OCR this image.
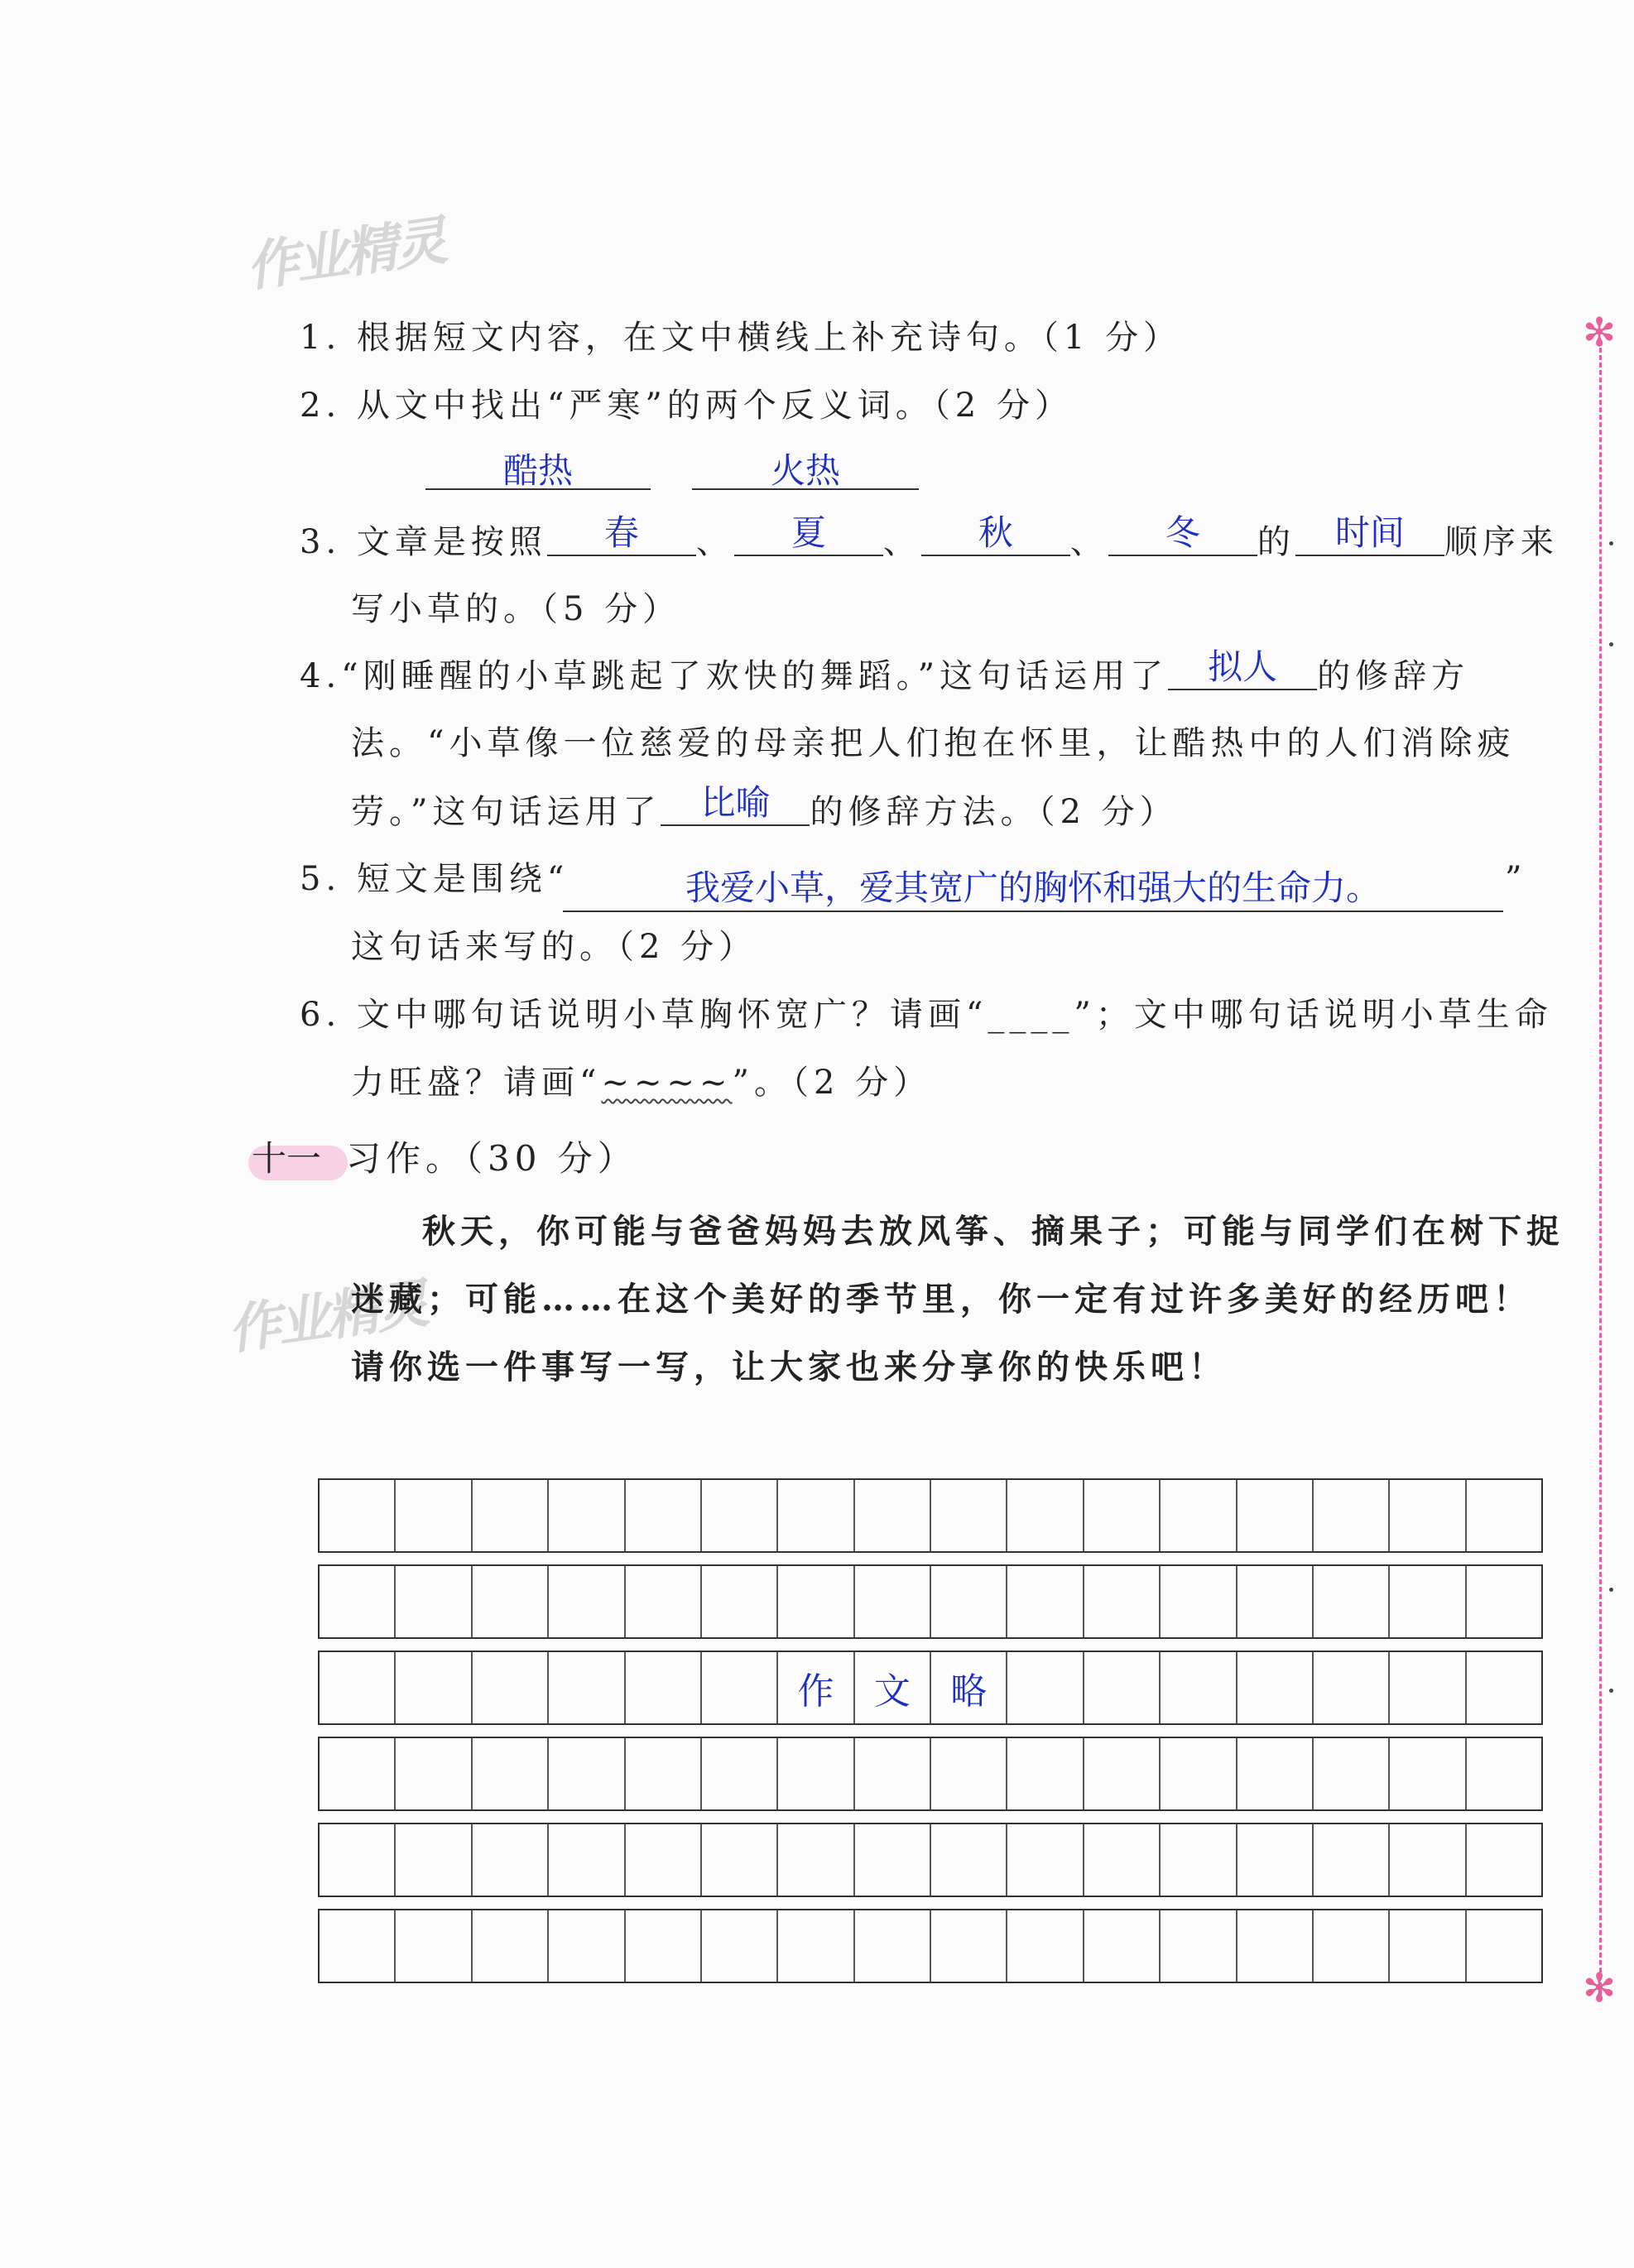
作业精灵
作业精灵
1. 根据短文内容，在文中横线上补充诗句。（1 分）
2. 从文中找出“严寒”的两个反义词。（2 分）
酷热	火热
3. 文章是按照 春 、 夏 、 秋 、 冬 的 时间 顺序来
写小草的。（5 分）
4.“刚睡醒的小草跳起了欢快的舞蹈。”这句话运用了 拟人 的修辞方
法。“小草像一位慈爱的母亲把人们抱在怀里，让酷热中的人们消除疲
劳。”这句话运用了 比喻 的修辞方法。（2 分）
5. 短文是围绕“	我爱小草，爱其宽广的胸怀和强大的生命力。	”
这句话来写的。（2 分）
6. 文中哪句话说明小草胸怀宽广？请画“____”；文中哪句话说明小草生命
力旺盛？请画“~~~~”。（2 分）
十一 习作。（30 分）
秋天，你可能与爸爸妈妈去放风筝、摘果子；可能与同学们在树下捉
迷藏；可能……在这个美好的季节里，你一定有过许多美好的经历吧！
请你选一件事写一写，让大家也来分享你的快乐吧！
作	文	略
✻
✻
